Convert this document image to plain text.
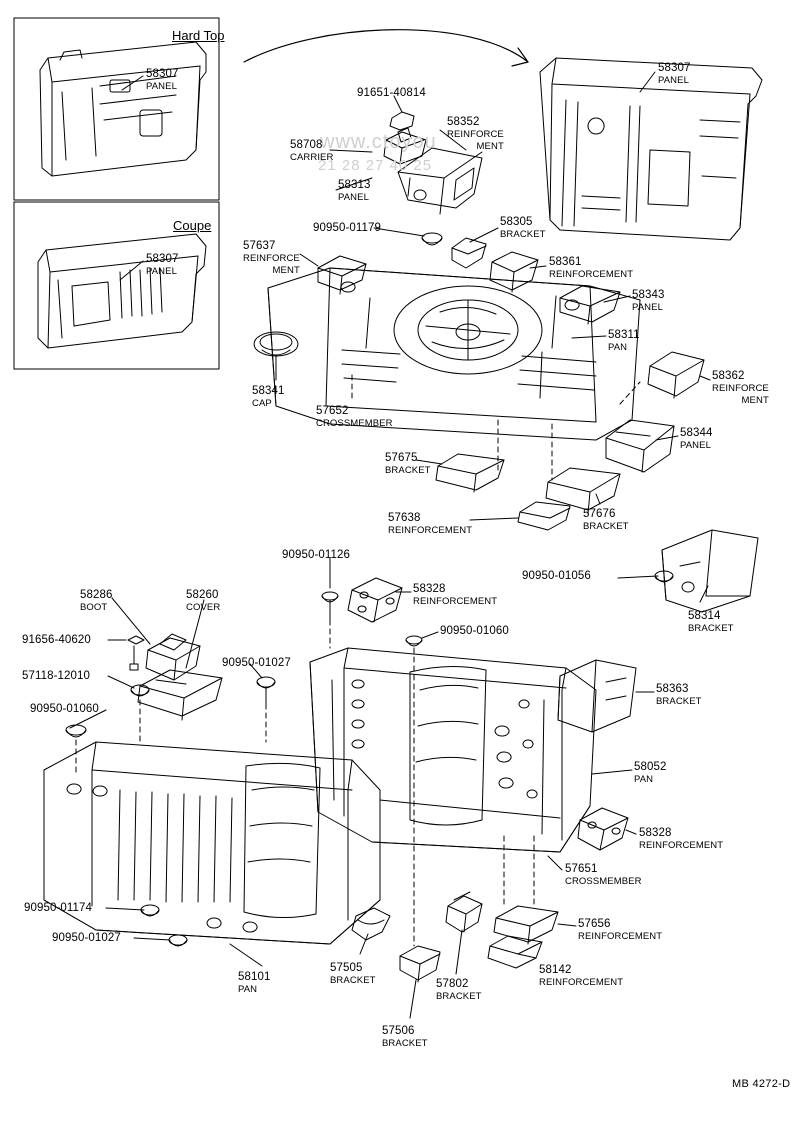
Hard Top
Coupe
www.ctoyou
21 28 27 40 25
MB 4272-D
58307
PANEL
58307
PANEL
58307
PANEL
91651-40814
58352
REINFORCE
MENT
58708
CARRIER
58313
PANEL
90950-01179	58305
BRACKET
57637
REINFORCE
MENT
58361
REINFORCEMENT
58343
PANEL
58311
PAN
58362
REINFORCE
MENT
58341
CAP
57652
CROSSMEMBER
58344
PANEL
57675
BRACKET
57676
BRACKET
57638
REINFORCEMENT
90950-01126
90950-01056
58328
REINFORCEMENT
58286
BOOT
58260
COVER
58314
BRACKET
90950-01060
91656-40620
90950-01027
57118-12010
58363
BRACKET
90950-01060
58052
PAN
58328
REINFORCEMENT
57651
CROSSMEMBER
90950-01174
57656
REINFORCEMENT
90950-01027
58142
REINFORCEMENT
57505
BRACKET
58101
PAN	57802
BRACKET
57506
BRACKET
